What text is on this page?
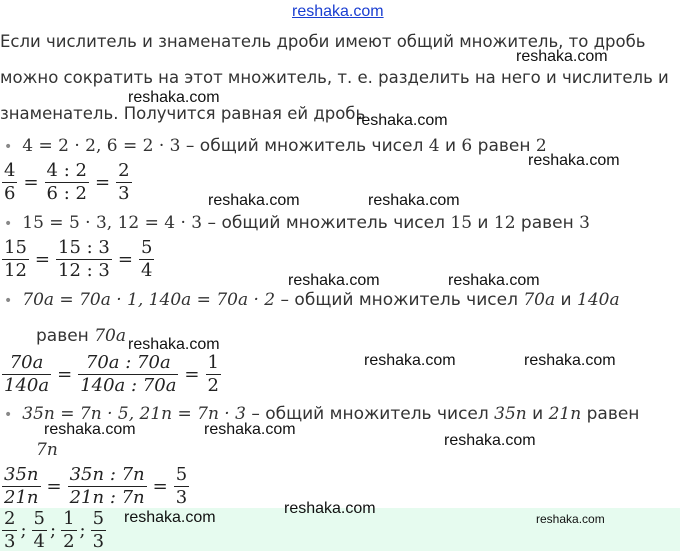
reshaka.com
Если числитель и знаменатель дроби имеют общий множитель, то дробь
можно сократить на этот множитель, т. е. разделить на него и числитель и
знаменатель. Получится равная ей дробь
• 4 = 2 · 2, 6 = 2 · 3 – общий множитель чисел 4 и 6 равен 2
$\frac{4}{6} = \frac{4 : 2}{6 : 2} = \frac{2}{3}$
• 15 = 5 · 3, 12 = 4 · 3 – общий множитель чисел 15 и 12 равен 3
$\frac{15}{12} = \frac{15 : 3}{12 : 3} = \frac{5}{4}$
• 70a = 70a · 1, 140a = 70a · 2 – общий множитель чисел 70a и 140a
равен 70a
$\frac{70a}{140a} = \frac{70a : 70a}{140a : 70a} = \frac{1}{2}$
• 35n = 7n · 5, 21n = 7n · 3 – общий множитель чисел 35n и 21n равен
7n
$\frac{35n}{21n} = \frac{35n : 7n}{21n : 7n} = \frac{5}{3}$
$\frac{2}{3}$ ; $\frac{5}{4}$ ; $\frac{1}{2}$ ; $\frac{5}{3}$
reshaka.com
reshaka.com
reshaka.com
reshaka.com
reshaka.com	reshaka.com
reshaka.com	reshaka.com
reshaka.com
reshaka.com	reshaka.com
reshaka.com	reshaka.com
reshaka.com
reshaka.com
reshaka.com	reshaka.com
